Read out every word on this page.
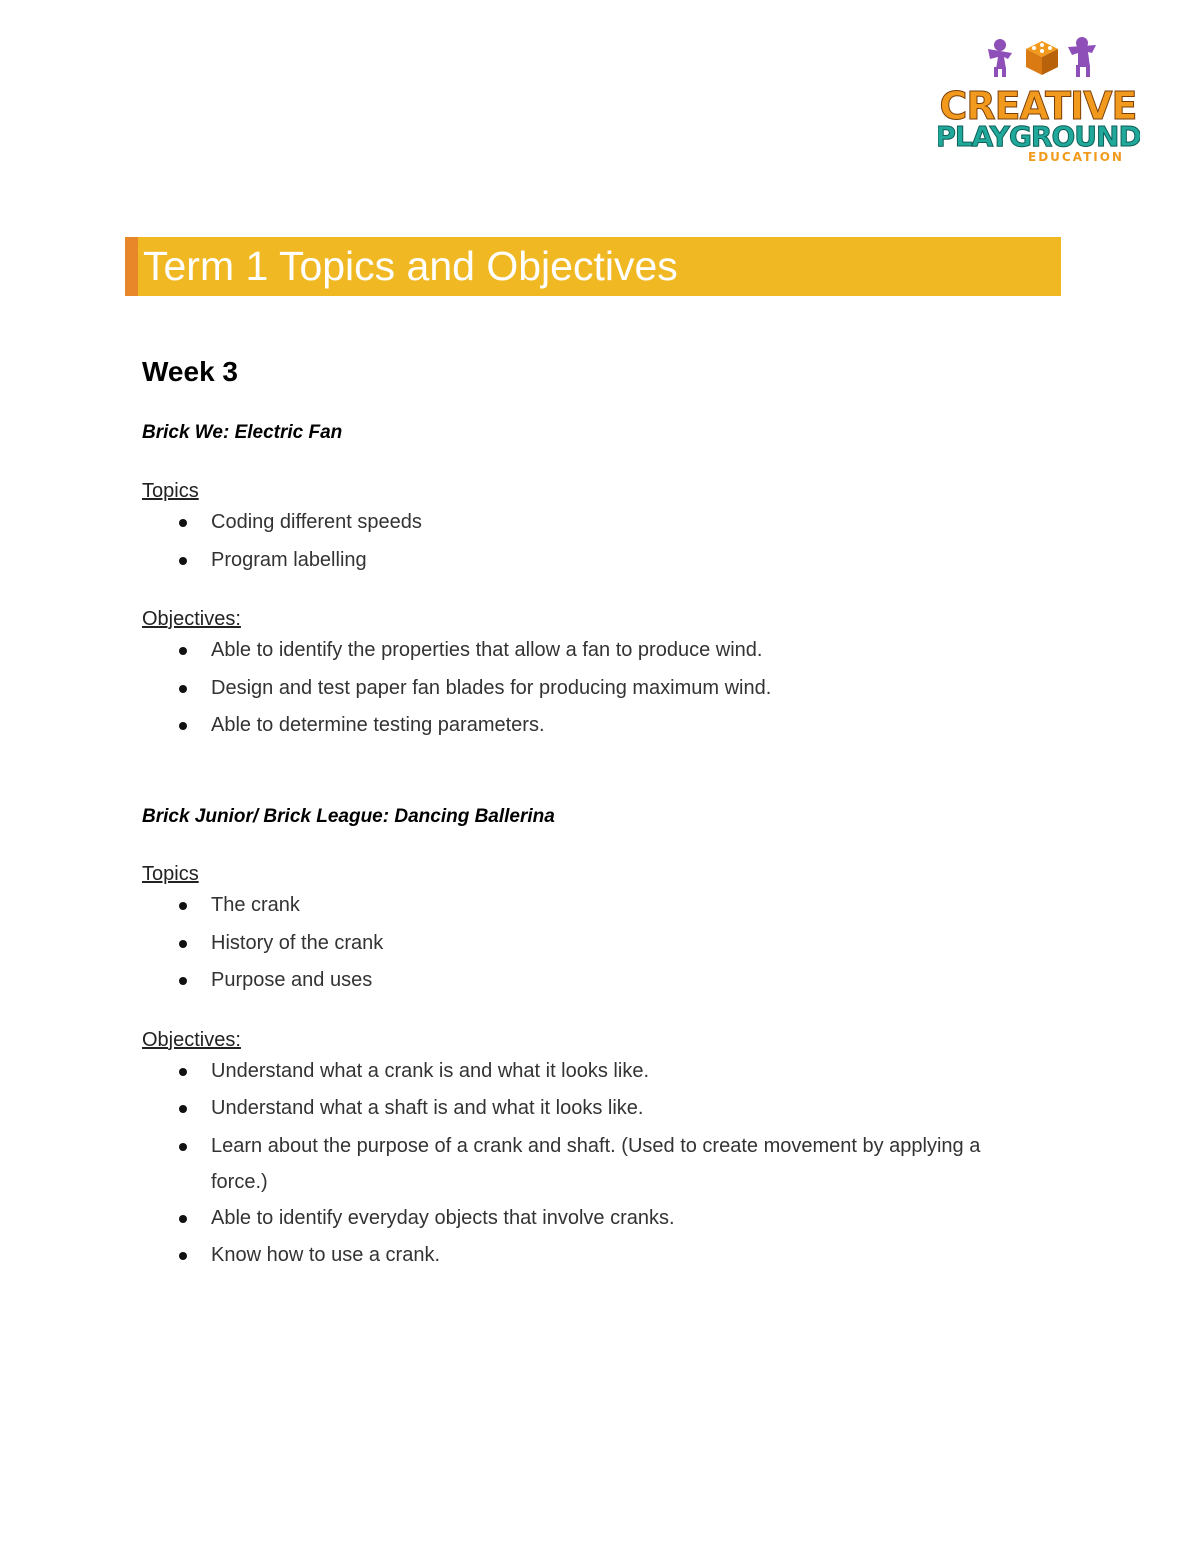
CREATIVE
PLAYGROUND
EDUCATION
Term 1 Topics and Objectives
Week 3
Brick We: Electric Fan
Topics
Coding different speeds
Program labelling
Objectives:
Able to identify the properties that allow a fan to produce wind.
Design and test paper fan blades for producing maximum wind.
Able to determine testing parameters.
Brick Junior/ Brick League: Dancing Ballerina
Topics
The crank
History of the crank
Purpose and uses
Objectives:
Understand what a crank is and what it looks like.
Understand what a shaft is and what it looks like.
Learn about the purpose of a crank and shaft. (Used to create movement by applying a force.)
Able to identify everyday objects that involve cranks.
Know how to use a crank.
